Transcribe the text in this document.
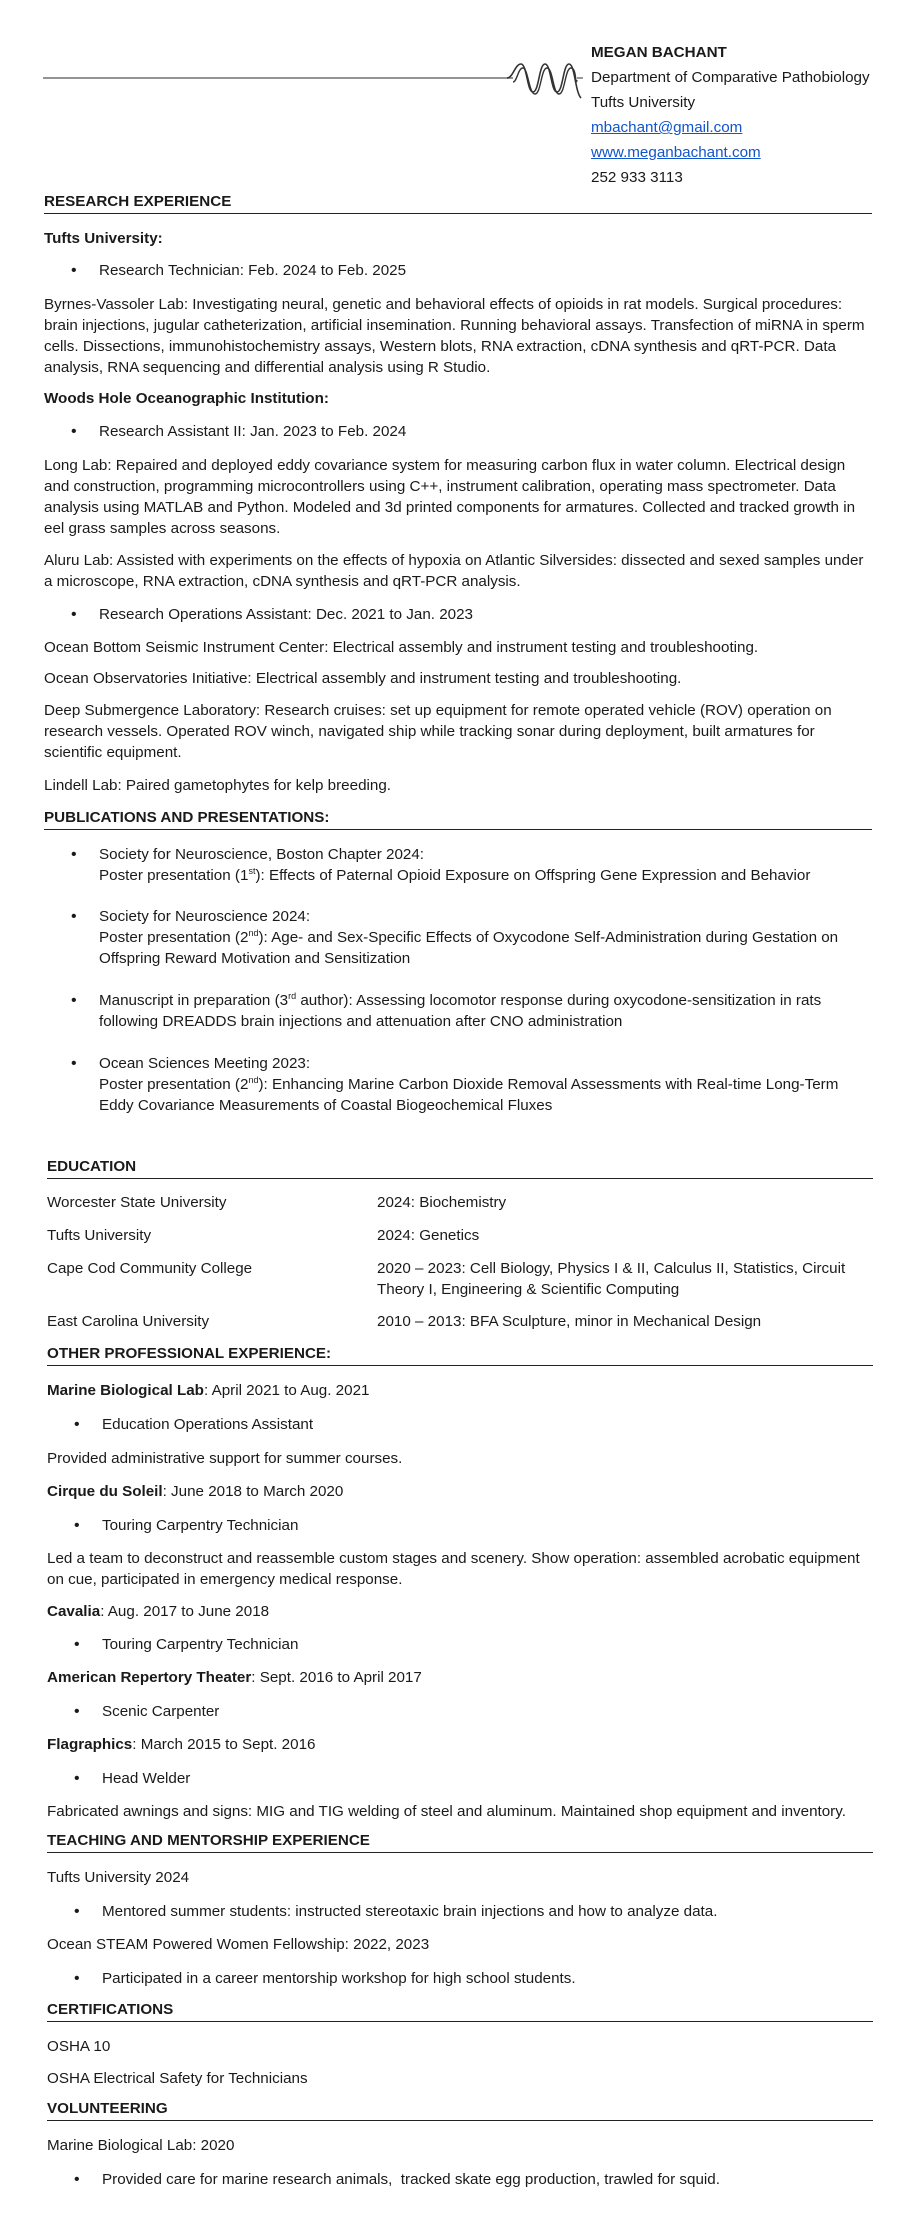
MEGAN BACHANT
Department of Comparative Pathobiology
Tufts University
mbachant@gmail.com
www.meganbachant.com
252 933 3113
RESEARCH EXPERIENCE
Tufts University:
• Research Technician: Feb. 2024 to Feb. 2025
Byrnes-Vassoler Lab: Investigating neural, genetic and behavioral effects of opioids in rat models. Surgical procedures: brain injections, jugular catheterization, artificial insemination. Running behavioral assays. Transfection of miRNA in sperm cells. Dissections, immunohistochemistry assays, Western blots, RNA extraction, cDNA synthesis and qRT-PCR. Data analysis, RNA sequencing and differential analysis using R Studio.
Woods Hole Oceanographic Institution:
• Research Assistant II: Jan. 2023 to Feb. 2024
Long Lab: Repaired and deployed eddy covariance system for measuring carbon flux in water column. Electrical design and construction, programming microcontrollers using C++, instrument calibration, operating mass spectrometer. Data analysis using MATLAB and Python. Modeled and 3d printed components for armatures. Collected and tracked growth in eel grass samples across seasons.
Aluru Lab: Assisted with experiments on the effects of hypoxia on Atlantic Silversides: dissected and sexed samples under a microscope, RNA extraction, cDNA synthesis and qRT-PCR analysis.
• Research Operations Assistant: Dec. 2021 to Jan. 2023
Ocean Bottom Seismic Instrument Center: Electrical assembly and instrument testing and troubleshooting.
Ocean Observatories Initiative: Electrical assembly and instrument testing and troubleshooting.
Deep Submergence Laboratory: Research cruises: set up equipment for remote operated vehicle (ROV) operation on research vessels. Operated ROV winch, navigated ship while tracking sonar during deployment, built armatures for scientific equipment.
Lindell Lab: Paired gametophytes for kelp breeding.
PUBLICATIONS AND PRESENTATIONS:
• Society for Neuroscience, Boston Chapter 2024:
Poster presentation (1st): Effects of Paternal Opioid Exposure on Offspring Gene Expression and Behavior
• Society for Neuroscience 2024:
Poster presentation (2nd): Age- and Sex-Specific Effects of Oxycodone Self-Administration during Gestation on Offspring Reward Motivation and Sensitization
• Manuscript in preparation (3rd author): Assessing locomotor response during oxycodone-sensitization in rats following DREADDS brain injections and attenuation after CNO administration
• Ocean Sciences Meeting 2023:
Poster presentation (2nd): Enhancing Marine Carbon Dioxide Removal Assessments with Real-time Long-Term Eddy Covariance Measurements of Coastal Biogeochemical Fluxes
EDUCATION
Worcester State University	2024: Biochemistry
Tufts University	2024: Genetics
Cape Cod Community College	2020 – 2023: Cell Biology, Physics I & II, Calculus II, Statistics, Circuit Theory I, Engineering & Scientific Computing
East Carolina University	2010 – 2013: BFA Sculpture, minor in Mechanical Design
OTHER PROFESSIONAL EXPERIENCE:
Marine Biological Lab: April 2021 to Aug. 2021
• Education Operations Assistant
Provided administrative support for summer courses.
Cirque du Soleil: June 2018 to March 2020
• Touring Carpentry Technician
Led a team to deconstruct and reassemble custom stages and scenery. Show operation: assembled acrobatic equipment on cue, participated in emergency medical response.
Cavalia: Aug. 2017 to June 2018
• Touring Carpentry Technician
American Repertory Theater: Sept. 2016 to April 2017
• Scenic Carpenter
Flagraphics: March 2015 to Sept. 2016
• Head Welder
Fabricated awnings and signs: MIG and TIG welding of steel and aluminum. Maintained shop equipment and inventory.
TEACHING AND MENTORSHIP EXPERIENCE
Tufts University 2024
• Mentored summer students: instructed stereotaxic brain injections and how to analyze data.
Ocean STEAM Powered Women Fellowship: 2022, 2023
• Participated in a career mentorship workshop for high school students.
CERTIFICATIONS
OSHA 10
OSHA Electrical Safety for Technicians
VOLUNTEERING
Marine Biological Lab: 2020
• Provided care for marine research animals,  tracked skate egg production, trawled for squid.
